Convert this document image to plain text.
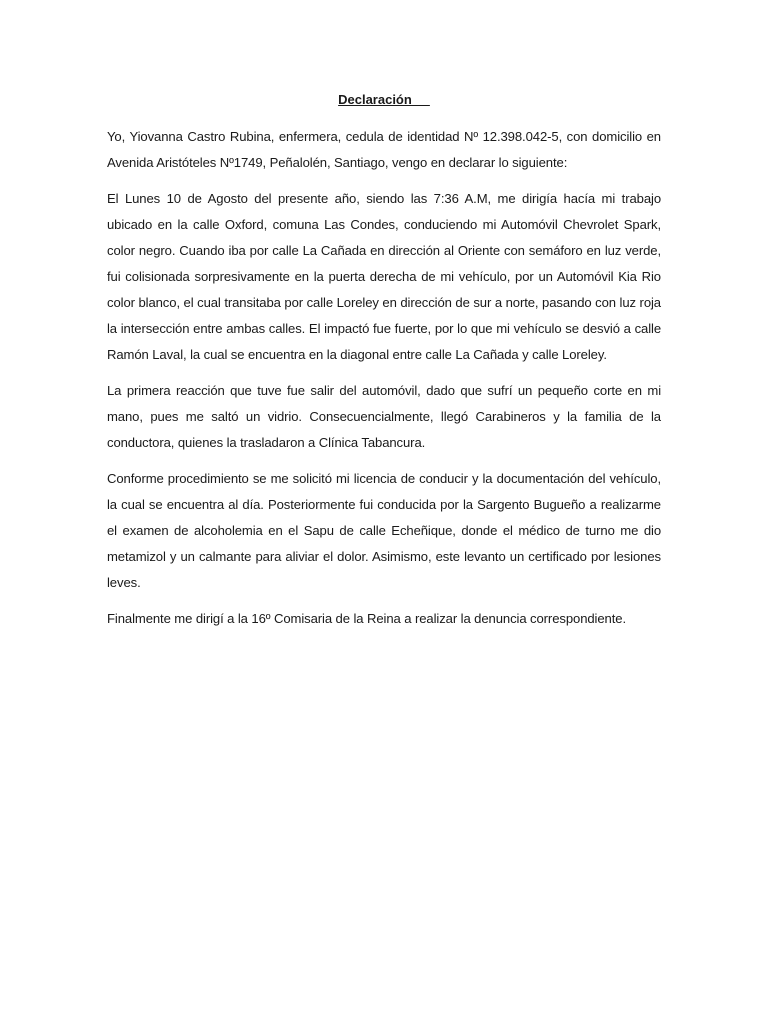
Declaración

Yo, Yiovanna Castro Rubina, enfermera, cedula de identidad Nº 12.398.042-5, con domicilio en Avenida Aristóteles Nº1749, Peñalolén, Santiago, vengo en declarar lo siguiente:

El Lunes 10 de Agosto del presente año, siendo las 7:36 A.M, me dirigía hacía mi trabajo ubicado en la calle Oxford, comuna Las Condes, conduciendo mi Automóvil Chevrolet Spark, color negro. Cuando iba por calle La Cañada en dirección al Oriente con semáforo en luz verde, fui colisionada sorpresivamente en la puerta derecha de mi vehículo, por un Automóvil Kia Rio color blanco, el cual transitaba por calle Loreley en dirección de sur a norte, pasando con luz roja la intersección entre ambas calles. El impactó fue fuerte, por lo que mi vehículo se desvió a calle Ramón Laval, la cual se encuentra en la diagonal entre calle La Cañada y calle Loreley.

La primera reacción que tuve fue salir del automóvil, dado que sufrí un pequeño corte en mi mano, pues me saltó un vidrio. Consecuencialmente, llegó Carabineros y la familia de la conductora, quienes la trasladaron a Clínica Tabancura.

Conforme procedimiento se me solicitó mi licencia de conducir y la documentación del vehículo, la cual se encuentra al día. Posteriormente fui conducida por la Sargento Bugueño a realizarme el examen de alcoholemia en el Sapu de calle Echeñique, donde el médico de turno me dio metamizol y un calmante para aliviar el dolor. Asimismo, este levanto un certificado por lesiones leves.

Finalmente me dirigí a la 16º Comisaria de la Reina a realizar la denuncia correspondiente.
